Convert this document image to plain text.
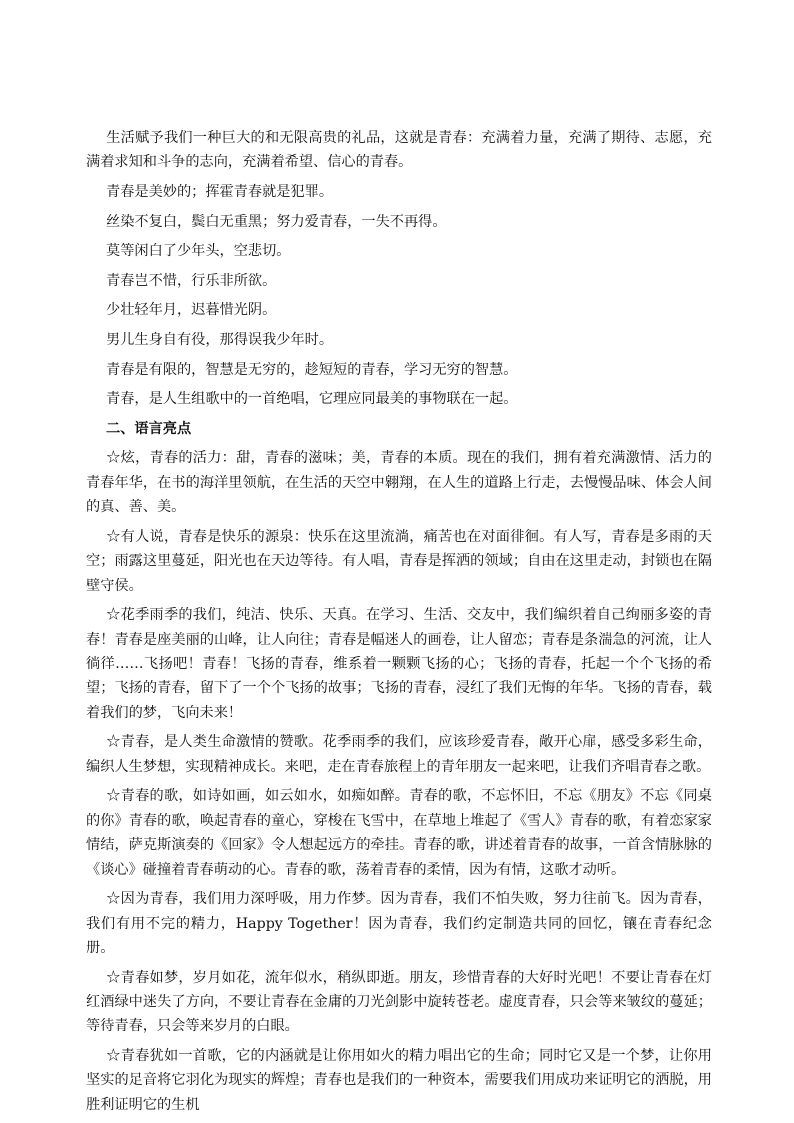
生活赋予我们一种巨大的和无限高贵的礼品，这就是青春：充满着力量，充满了期待、志愿，充满着求知和斗争的志向，充满着希望、信心的青春。

青春是美妙的；挥霍青春就是犯罪。

丝染不复白，鬓白无重黑；努力爱青春，一失不再得。

莫等闲白了少年头，空悲切。

青春岂不惜，行乐非所欲。

少壮轻年月，迟暮惜光阴。

男儿生身自有役，那得误我少年时。

青春是有限的，智慧是无穷的，趁短短的青春，学习无穷的智慧。

青春，是人生组歌中的一首绝唱，它理应同最美的事物联在一起。

二、语言亮点

☆炫，青春的活力：甜，青春的滋味；美，青春的本质。现在的我们，拥有着充满激情、活力的青春年华，在书的海洋里领航，在生活的天空中翱翔，在人生的道路上行走，去慢慢品味、体会人间的真、善、美。

☆有人说，青春是快乐的源泉：快乐在这里流淌，痛苦也在对面徘徊。有人写，青春是多雨的天空；雨露这里蔓延，阳光也在天边等待。有人唱，青春是挥洒的领域；自由在这里走动，封锁也在隔壁守侯。

☆花季雨季的我们，纯洁、快乐、天真。在学习、生活、交友中，我们编织着自己绚丽多姿的青春！青春是座美丽的山峰，让人向往；青春是幅迷人的画卷，让人留恋；青春是条湍急的河流，让人徜徉……飞扬吧！青春！飞扬的青春，维系着一颗颗飞扬的心；飞扬的青春，托起一个个飞扬的希望；飞扬的青春，留下了一个个飞扬的故事；飞扬的青春，浸红了我们无悔的年华。飞扬的青春，载着我们的梦，飞向未来！

☆青春，是人类生命激情的赞歌。花季雨季的我们，应该珍爱青春，敞开心扉，感受多彩生命，编织人生梦想，实现精神成长。来吧，走在青春旅程上的青年朋友一起来吧，让我们齐唱青春之歌。

☆青春的歌，如诗如画，如云如水，如痴如醉。青春的歌，不忘怀旧，不忘《朋友》不忘《同桌的你》青春的歌，唤起青春的童心，穿梭在飞雪中，在草地上堆起了《雪人》青春的歌，有着恋家家情结，萨克斯演奏的《回家》令人想起远方的牵挂。青春的歌，讲述着青春的故事，一首含情脉脉的《谈心》碰撞着青春萌动的心。青春的歌，荡着青春的柔情，因为有情，这歌才动听。

☆因为青春，我们用力深呼吸，用力作梦。因为青春，我们不怕失败，努力往前飞。因为青春，我们有用不完的精力，Happy Together！因为青春，我们约定制造共同的回忆，镶在青春纪念册。

☆青春如梦，岁月如花，流年似水，稍纵即逝。朋友，珍惜青春的大好时光吧！不要让青春在灯红酒绿中迷失了方向，不要让青春在金庸的刀光剑影中旋转苍老。虚度青春，只会等来皱纹的蔓延；等待青春，只会等来岁月的白眼。

☆青春犹如一首歌，它的内涵就是让你用如火的精力唱出它的生命；同时它又是一个梦，让你用坚实的足音将它羽化为现实的辉煌；青春也是我们的一种资本，需要我们用成功来证明它的洒脱，用胜利证明它的生机
